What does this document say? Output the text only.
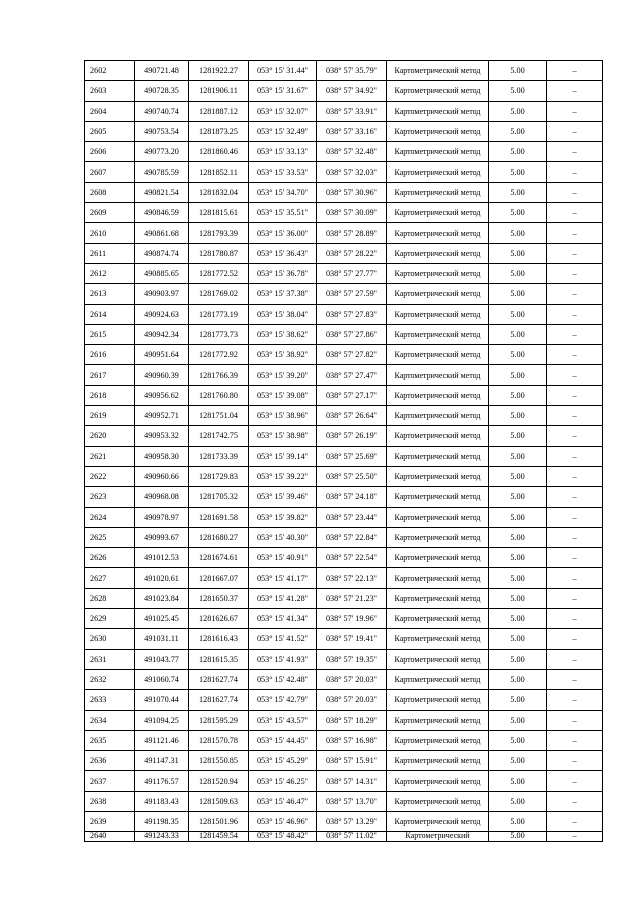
2602	490721.48	1281922.27	053° 15' 31.44"	038° 57' 35.79"	Картометрический метод	5.00	–
2603	490728.35	1281906.11	053° 15' 31.67"	038° 57' 34.92"	Картометрический метод	5.00	–
2604	490740.74	1281887.12	053° 15' 32.07"	038° 57' 33.91"	Картометрический метод	5.00	–
2605	490753.54	1281873.25	053° 15' 32.49"	038° 57' 33.16"	Картометрический метод	5.00	–
2606	490773.20	1281860.46	053° 15' 33.13"	038° 57' 32.48"	Картометрический метод	5.00	–
2607	490785.59	1281852.11	053° 15' 33.53"	038° 57' 32.03"	Картометрический метод	5.00	–
2608	490821.54	1281832.04	053° 15' 34.70"	038° 57' 30.96"	Картометрический метод	5.00	–
2609	490846.59	1281815.61	053° 15' 35.51"	038° 57' 30.09"	Картометрический метод	5.00	–
2610	490861.68	1281793.39	053° 15' 36.00"	038° 57' 28.89"	Картометрический метод	5.00	–
2611	490874.74	1281780.87	053° 15' 36.43"	038° 57' 28.22"	Картометрический метод	5.00	–
2612	490885.65	1281772.52	053° 15' 36.78"	038° 57' 27.77"	Картометрический метод	5.00	–
2613	490903.97	1281769.02	053° 15' 37.38"	038° 57' 27.59"	Картометрический метод	5.00	–
2614	490924.63	1281773.19	053° 15' 38.04"	038° 57' 27.83"	Картометрический метод	5.00	–
2615	490942.34	1281773.73	053° 15' 38.62"	038° 57' 27.86"	Картометрический метод	5.00	–
2616	490951.64	1281772.92	053° 15' 38.92"	038° 57' 27.82"	Картометрический метод	5.00	–
2617	490960.39	1281766.39	053° 15' 39.20"	038° 57' 27.47"	Картометрический метод	5.00	–
2618	490956.62	1281760.80	053° 15' 39.08"	038° 57' 27.17"	Картометрический метод	5.00	–
2619	490952.71	1281751.04	053° 15' 38.96"	038° 57' 26.64"	Картометрический метод	5.00	–
2620	490953.32	1281742.75	053° 15' 38.98"	038° 57' 26.19"	Картометрический метод	5.00	–
2621	490958.30	1281733.39	053° 15' 39.14"	038° 57' 25.69"	Картометрический метод	5.00	–
2622	490960.66	1281729.83	053° 15' 39.22"	038° 57' 25.50"	Картометрический метод	5.00	–
2623	490968.08	1281705.32	053° 15' 39.46"	038° 57' 24.18"	Картометрический метод	5.00	–
2624	490978.97	1281691.58	053° 15' 39.82"	038° 57' 23.44"	Картометрический метод	5.00	–
2625	490993.67	1281680.27	053° 15' 40.30"	038° 57' 22.84"	Картометрический метод	5.00	–
2626	491012.53	1281674.61	053° 15' 40.91"	038° 57' 22.54"	Картометрический метод	5.00	–
2627	491020.61	1281667.07	053° 15' 41.17"	038° 57' 22.13"	Картометрический метод	5.00	–
2628	491023.84	1281650.37	053° 15' 41.28"	038° 57' 21.23"	Картометрический метод	5.00	–
2629	491025.45	1281626.67	053° 15' 41.34"	038° 57' 19.96"	Картометрический метод	5.00	–
2630	491031.11	1281616.43	053° 15' 41.52"	038° 57' 19.41"	Картометрический метод	5.00	–
2631	491043.77	1281615.35	053° 15' 41.93"	038° 57' 19.35"	Картометрический метод	5.00	–
2632	491060.74	1281627.74	053° 15' 42.48"	038° 57' 20.03"	Картометрический метод	5.00	–
2633	491070.44	1281627.74	053° 15' 42.79"	038° 57' 20.03"	Картометрический метод	5.00	–
2634	491094.25	1281595.29	053° 15' 43.57"	038° 57' 18.29"	Картометрический метод	5.00	–
2635	491121.46	1281570.78	053° 15' 44.45"	038° 57' 16.98"	Картометрический метод	5.00	–
2636	491147.31	1281550.85	053° 15' 45.29"	038° 57' 15.91"	Картометрический метод	5.00	–
2637	491176.57	1281520.94	053° 15' 46.25"	038° 57' 14.31"	Картометрический метод	5.00	–
2638	491183.43	1281509.63	053° 15' 46.47"	038° 57' 13.70"	Картометрический метод	5.00	–
2639	491198.35	1281501.96	053° 15' 46.96"	038° 57' 13.29"	Картометрический метод	5.00	–
2640	491243.33	1281459.54	053° 15' 48.42"	038° 57' 11.02"	Картометрический	5.00	–
